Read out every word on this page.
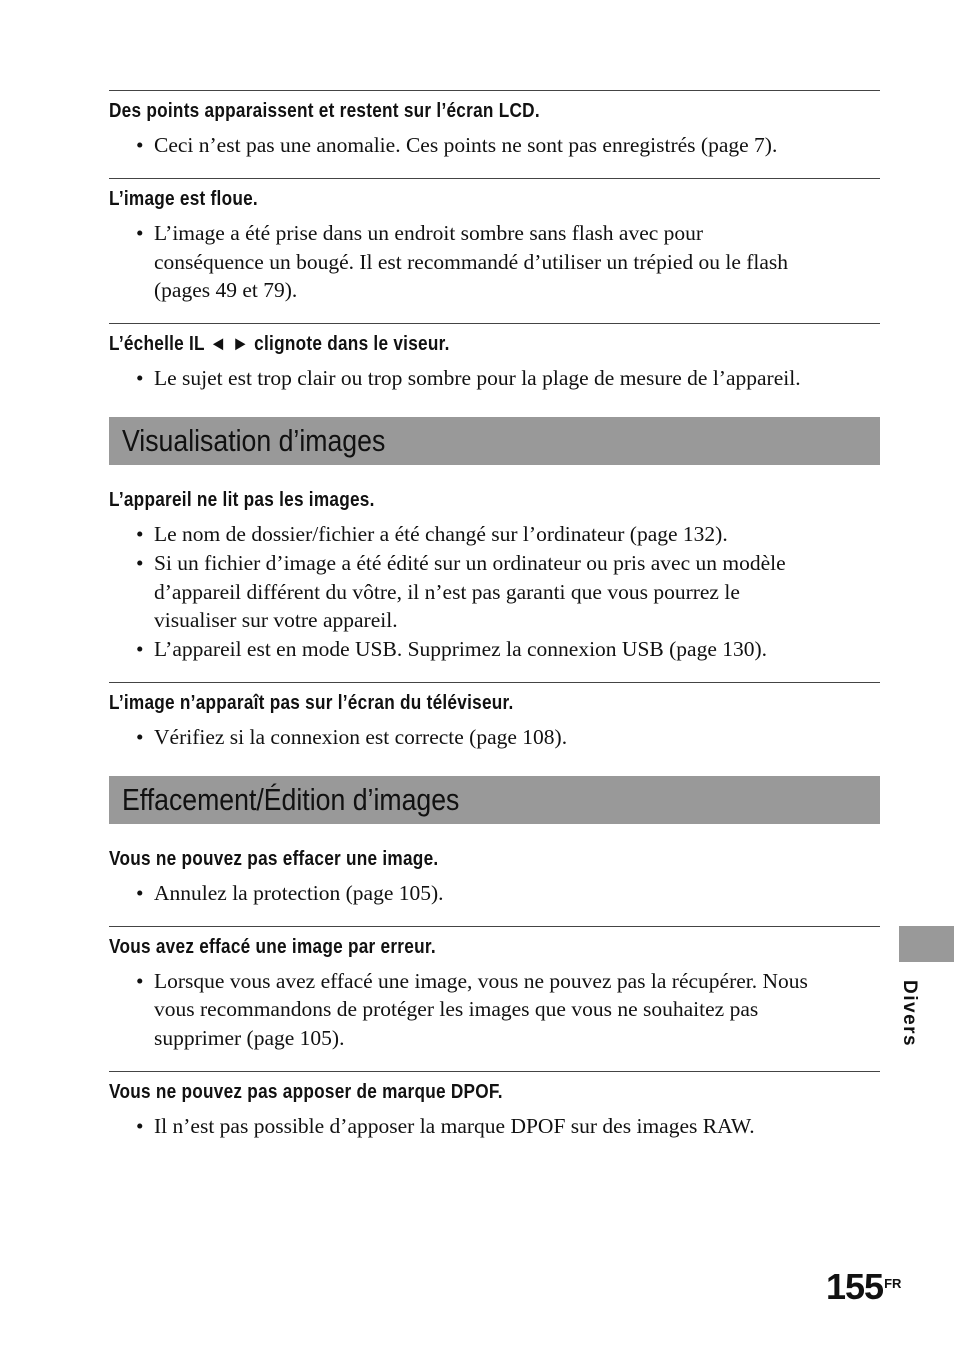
Des points apparaissent et restent sur l’écran LCD.
• Ceci n’est pas une anomalie. Ces points ne sont pas enregistrés (page 7).
L’image est floue.
• L’image a été prise dans un endroit sombre sans flash avec pour
conséquence un bougé. Il est recommandé d’utiliser un trépied ou le flash
(pages 49 et 79).
L’échelle IL ◄ ► clignote dans le viseur.
• Le sujet est trop clair ou trop sombre pour la plage de mesure de l’appareil.
Visualisation d’images
L’appareil ne lit pas les images.
• Le nom de dossier/fichier a été changé sur l’ordinateur (page 132).
• Si un fichier d’image a été édité sur un ordinateur ou pris avec un modèle
d’appareil différent du vôtre, il n’est pas garanti que vous pourrez le
visualiser sur votre appareil.
• L’appareil est en mode USB. Supprimez la connexion USB (page 130).
L’image n’apparaît pas sur l’écran du téléviseur.
• Vérifiez si la connexion est correcte (page 108).
Effacement/Édition d’images
Vous ne pouvez pas effacer une image.
• Annulez la protection (page 105).
Vous avez effacé une image par erreur.
• Lorsque vous avez effacé une image, vous ne pouvez pas la récupérer. Nous
vous recommandons de protéger les images que vous ne souhaitez pas
supprimer (page 105).
Vous ne pouvez pas apposer de marque DPOF.
• Il n’est pas possible d’apposer la marque DPOF sur des images RAW.
Divers
$155^{FR}$
